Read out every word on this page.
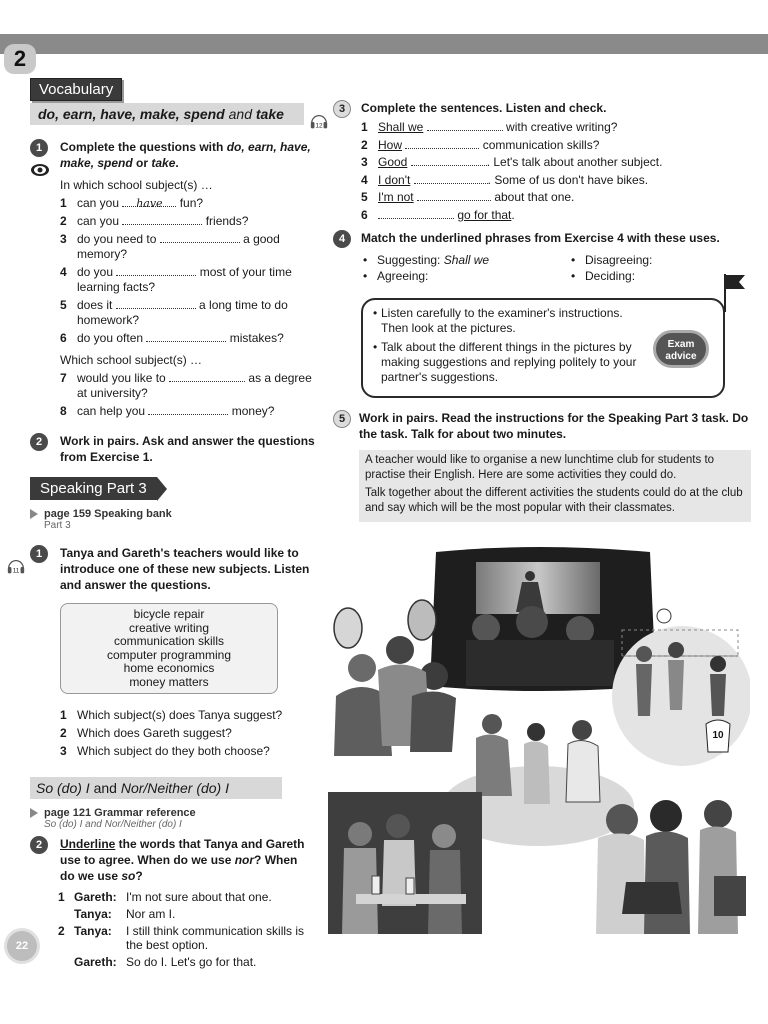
2
Vocabulary
do, earn, have, make, spend and take
1	Complete the questions with do, earn, have, make, spend or take.
In which school subject(s) …
1 can you have fun?
2 can you	friends?
3 do you need to	a good memory?
4 do you	most of your time learning facts?
5 does it	a long time to do homework?
6 do you often	mistakes?
Which school subject(s) …
7 would you like to	as a degree at university?
8 can help you	money?
2	Work in pairs. Ask and answer the questions from Exercise 1.
Speaking Part 3
page 159 Speaking bank
Part 3
1
11
Tanya and Gareth's teachers would like to introduce one of these new subjects. Listen and answer the questions.
bicycle repair
creative writing
communication skills
computer programming
home economics
money matters
1 Which subject(s) does Tanya suggest?
2 Which does Gareth suggest?
3 Which subject do they both choose?
So (do) I and Nor/Neither (do) I
page 121 Grammar reference
So (do) I and Nor/Neither (do) I
2	Underline the words that Tanya and Gareth use to agree. When do we use nor? When do we use so?
1 Gareth: I'm not sure about that one.
Tanya:	Nor am I.
2 Tanya:	I still think communication skills is the best option.
Gareth: So do I. Let's go for that.
3
12
Complete the sentences. Listen and check.
1 Shall we	with creative writing?
2 How	communication skills?
3 Good	. Let's talk about another subject.
4 I don't	. Some of us don't have bikes.
5 I'm not	about that one.
6	go for that.
4	Match the underlined phrases from Exercise 4 with these uses.
• Suggesting: Shall we	• Disagreeing:
• Agreeing:	• Deciding:
• Listen carefully to the examiner's instructions. Then look at the pictures.
• Talk about the different things in the pictures by making suggestions and replying politely to your partner's suggestions.
Exam
advice
5	Work in pairs. Read the instructions for the Speaking Part 3 task. Do the task. Talk for about two minutes.

A teacher would like to organise a new lunchtime club for students to practise their English. Here are some activities they could do.

Talk together about the different activities the students could do at the club and say which will be the most popular with their classmates.

10
22
